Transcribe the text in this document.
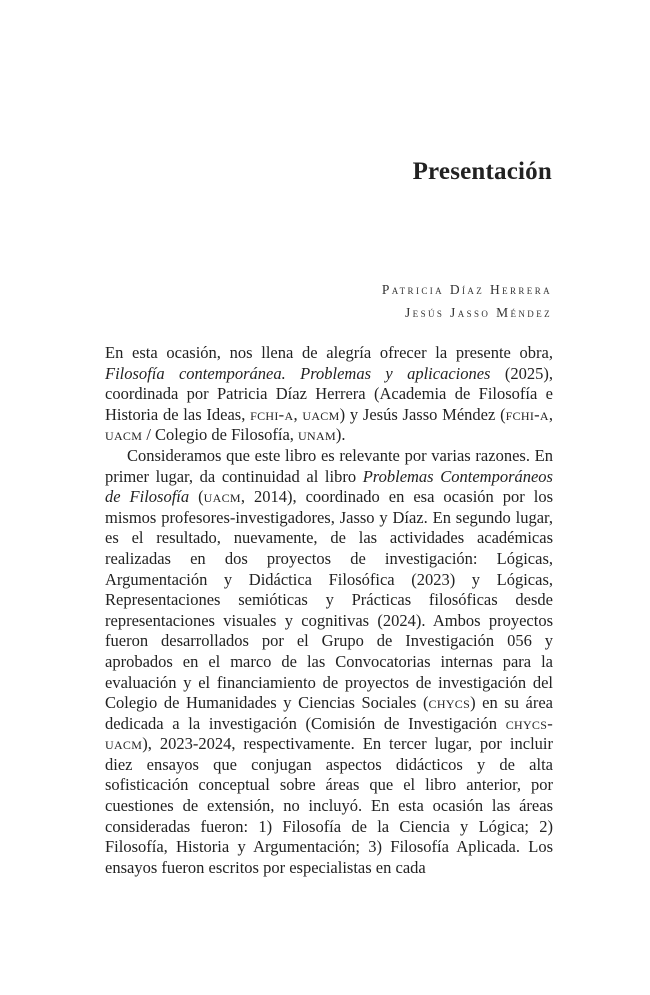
Presentación
Patricia Díaz Herrera
Jesús Jasso Méndez

En esta ocasión, nos llena de alegría ofrecer la presente obra, Filosofía contemporánea. Problemas y aplicaciones (2025), coordinada por Patricia Díaz Herrera (Academia de Filosofía e Historia de las Ideas, fchi-a, uacm) y Jesús Jasso Méndez (fchi-a, uacm / Colegio de Filosofía, unam).

Consideramos que este libro es relevante por varias razones. En primer lugar, da continuidad al libro Problemas Contemporáneos de Filosofía (uacm, 2014), coordinado en esa ocasión por los mismos profesores-investigadores, Jasso y Díaz. En segundo lugar, es el resultado, nuevamente, de las actividades académicas realizadas en dos proyectos de investigación: Lógicas, Argumentación y Didáctica Filosófica (2023) y Lógicas, Representaciones semióticas y Prácticas filosóficas desde representaciones visuales y cognitivas (2024). Ambos proyectos fueron desarrollados por el Grupo de Investigación 056 y aprobados en el marco de las Convocatorias internas para la evaluación y el financiamiento de proyectos de investigación del Colegio de Humanidades y Ciencias Sociales (chycs) en su área dedicada a la investigación (Comisión de Investigación chycs-uacm), 2023-2024, respectivamente. En tercer lugar, por incluir diez ensayos que conjugan aspectos didácticos y de alta sofisticación conceptual sobre áreas que el libro anterior, por cuestiones de extensión, no incluyó. En esta ocasión las áreas consideradas fueron: 1) Filosofía de la Ciencia y Lógica; 2) Filosofía, Historia y Argumentación; 3) Filosofía Aplicada. Los ensayos fueron escritos por especialistas en cada
